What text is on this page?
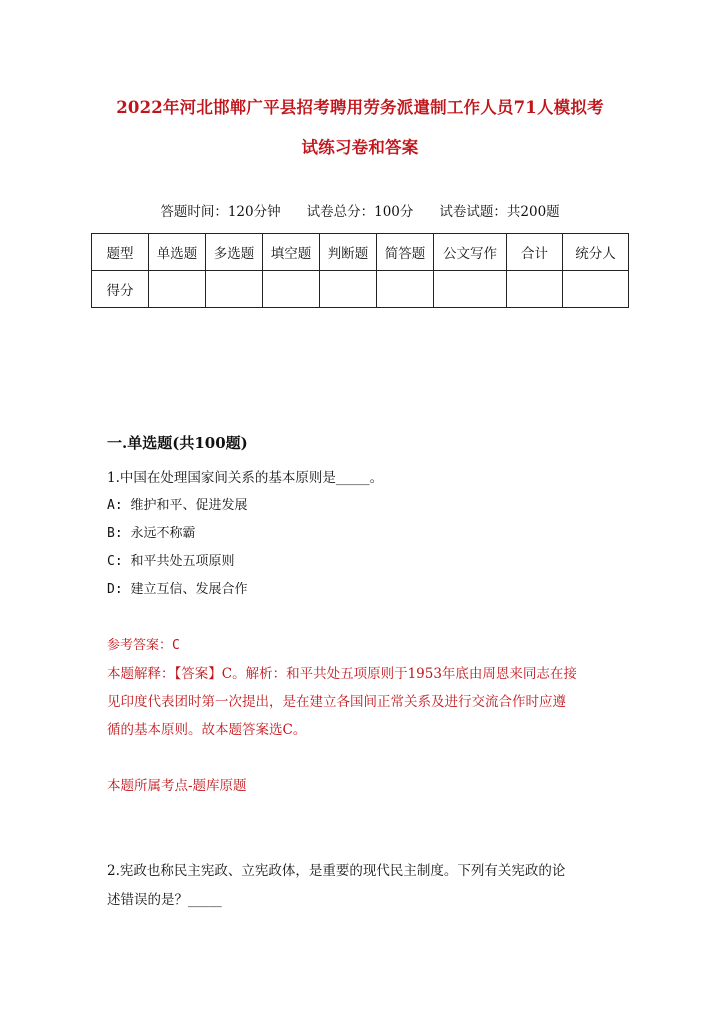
2022年河北邯郸广平县招考聘用劳务派遣制工作人员71人模拟考
试练习卷和答案
答题时间：120分钟 试卷总分：100分 试卷试题：共200题
题型	单选题	多选题	填空题	判断题	简答题	公文写作	合计	统分人
得分								
一.单选题(共100题)
1.中国在处理国家间关系的基本原则是_____。
A: 维护和平、促进发展
B: 永远不称霸
C: 和平共处五项原则
D: 建立互信、发展合作
参考答案：C
本题解释：【答案】C。解析：和平共处五项原则于1953年底由周恩来同志在接
见印度代表团时第一次提出，是在建立各国间正常关系及进行交流合作时应遵
循的基本原则。故本题答案选C。
本题所属考点-题库原题
2.宪政也称民主宪政、立宪政体，是重要的现代民主制度。下列有关宪政的论
述错误的是？_____
